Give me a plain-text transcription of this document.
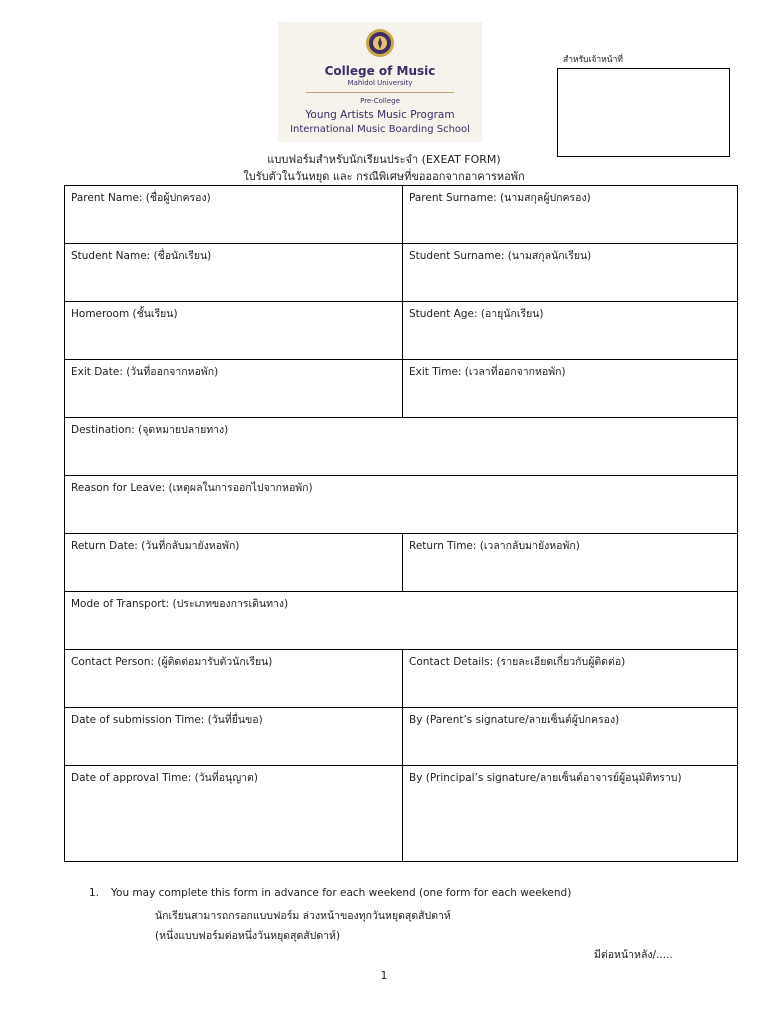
College of Music
Mahidol University
Pre-College
Young Artists Music Program
International Music Boarding School
สำหรับเจ้าหน้าที่
แบบฟอร์มสำหรับนักเรียนประจำ (EXEAT FORM)
ใบรับตัวในวันหยุด และ กรณีพิเศษที่ขอออกจากอาคารหอพัก
Parent Name: (ชื่อผู้ปกครอง)	Parent Surname: (นามสกุลผู้ปกครอง)
Student Name: (ชื่อนักเรียน)	Student Surname: (นามสกุลนักเรียน)
Homeroom (ชั้นเรียน)	Student Age: (อายุนักเรียน)
Exit Date: (วันที่ออกจากหอพัก)	Exit Time: (เวลาที่ออกจากหอพัก)
Destination: (จุดหมายปลายทาง)	
Reason for Leave: (เหตุผลในการออกไปจากหอพัก)	
Return Date: (วันที่กลับมายังหอพัก)	Return Time: (เวลากลับมายังหอพัก)
Mode of Transport: (ประเภทของการเดินทาง)	
Contact Person: (ผู้ติดต่อมารับตัวนักเรียน)	Contact Details: (รายละเอียดเกี่ยวกับผู้ติดต่อ)
Date of submission Time: (วันที่ยื่นขอ)	By (Parent’s signature/ลายเซ็นต์ผู้ปกครอง)
Date of approval Time: (วันที่อนุญาต)	By (Principal’s signature/ลายเซ็นต์อาจารย์ผู้อนุมัติทราบ)
1. You may complete this form in advance for each weekend (one form for each weekend)
นักเรียนสามารถกรอกแบบฟอร์ม ล่วงหน้าของทุกวันหยุดสุดสัปดาห์
(หนึ่งแบบฟอร์มต่อหนึ่งวันหยุดสุดสัปดาห์)
มีต่อหน้าหลัง/.....
1
